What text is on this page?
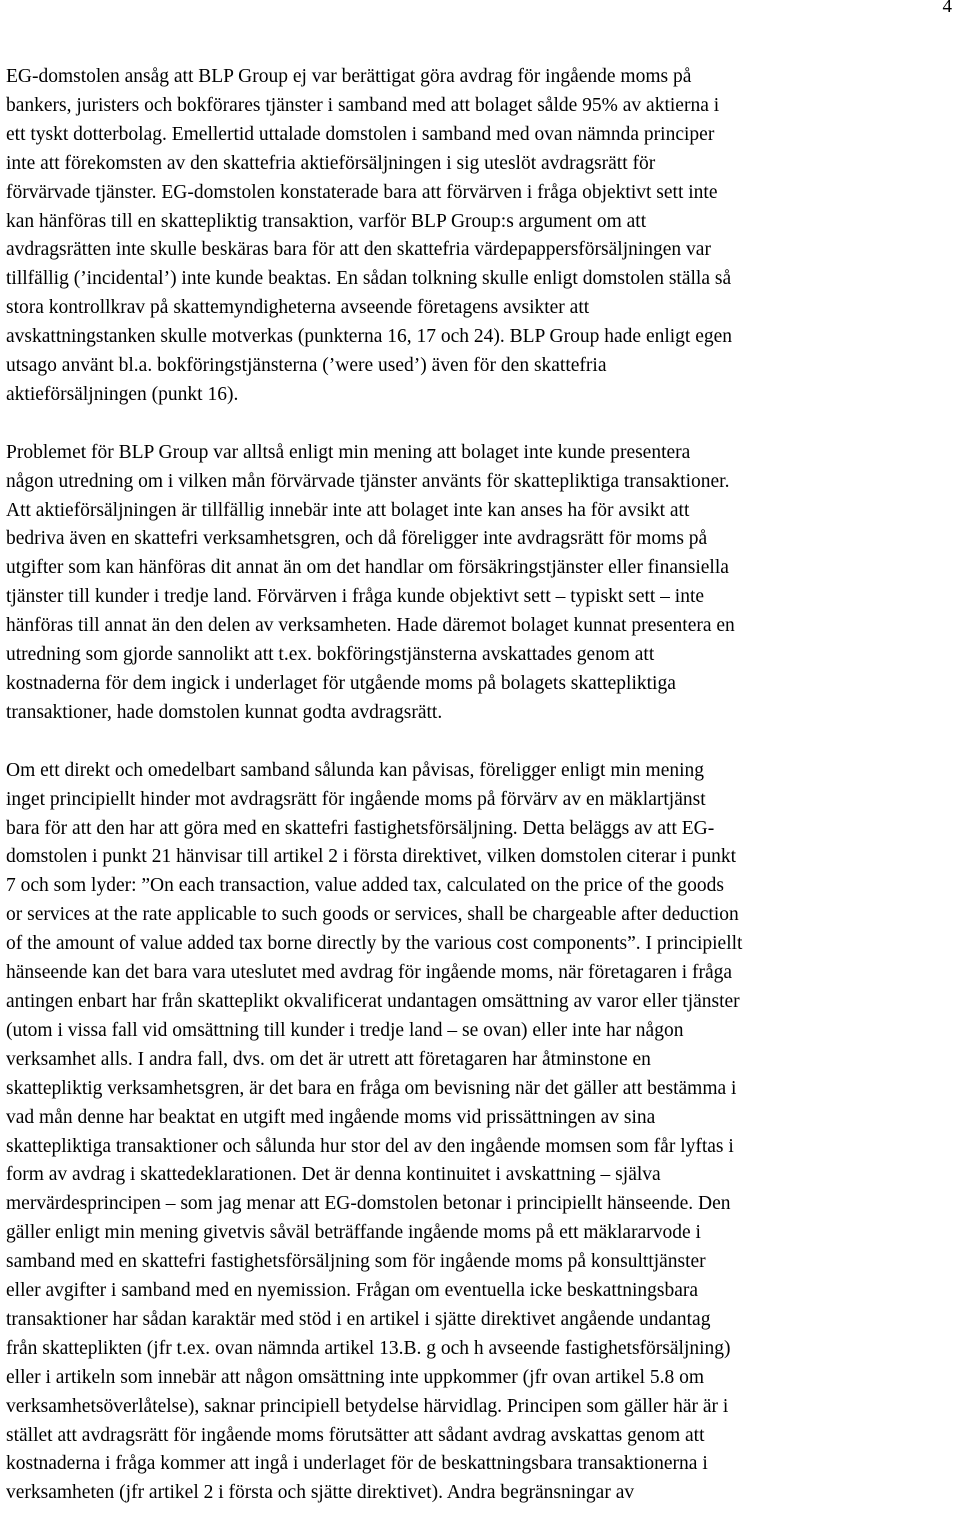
4
EG-domstolen ansåg att BLP Group ej var berättigat göra avdrag för ingående moms på
bankers, juristers och bokförares tjänster i samband med att bolaget sålde 95% av aktierna i
ett tyskt dotterbolag. Emellertid uttalade domstolen i samband med ovan nämnda principer
inte att förekomsten av den skattefria aktieförsäljningen i sig uteslöt avdragsrätt för
förvärvade tjänster. EG-domstolen konstaterade bara att förvärven i fråga objektivt sett inte
kan hänföras till en skattepliktig transaktion, varför BLP Group:s argument om att
avdragsrätten inte skulle beskäras bara för att den skattefria värdepappersförsäljningen var
tillfällig (’incidental’) inte kunde beaktas. En sådan tolkning skulle enligt domstolen ställa så
stora kontrollkrav på skattemyndigheterna avseende företagens avsikter att
avskattningstanken skulle motverkas (punkterna 16, 17 och 24). BLP Group hade enligt egen
utsago använt bl.a. bokföringstjänsterna (’were used’) även för den skattefria
aktieförsäljningen (punkt 16).
Problemet för BLP Group var alltså enligt min mening att bolaget inte kunde presentera
någon utredning om i vilken mån förvärvade tjänster använts för skattepliktiga transaktioner.
Att aktieförsäljningen är tillfällig innebär inte att bolaget inte kan anses ha för avsikt att
bedriva även en skattefri verksamhetsgren, och då föreligger inte avdragsrätt för moms på
utgifter som kan hänföras dit annat än om det handlar om försäkringstjänster eller finansiella
tjänster till kunder i tredje land. Förvärven i fråga kunde objektivt sett – typiskt sett – inte
hänföras till annat än den delen av verksamheten. Hade däremot bolaget kunnat presentera en
utredning som gjorde sannolikt att t.ex. bokföringstjänsterna avskattades genom att
kostnaderna för dem ingick i underlaget för utgående moms på bolagets skattepliktiga
transaktioner, hade domstolen kunnat godta avdragsrätt.
Om ett direkt och omedelbart samband sålunda kan påvisas, föreligger enligt min mening
inget principiellt hinder mot avdragsrätt för ingående moms på förvärv av en mäklartjänst
bara för att den har att göra med en skattefri fastighetsförsäljning. Detta beläggs av att EG-
domstolen i punkt 21 hänvisar till artikel 2 i första direktivet, vilken domstolen citerar i punkt
7 och som lyder: ”On each transaction, value added tax, calculated on the price of the goods
or services at the rate applicable to such goods or services, shall be chargeable after deduction
of the amount of value added tax borne directly by the various cost components”. I principiellt
hänseende kan det bara vara uteslutet med avdrag för ingående moms, när företagaren i fråga
antingen enbart har från skatteplikt okvalificerat undantagen omsättning av varor eller tjänster
(utom i vissa fall vid omsättning till kunder i tredje land – se ovan) eller inte har någon
verksamhet alls. I andra fall, dvs. om det är utrett att företagaren har åtminstone en
skattepliktig verksamhetsgren, är det bara en fråga om bevisning när det gäller att bestämma i
vad mån denne har beaktat en utgift med ingående moms vid prissättningen av sina
skattepliktiga transaktioner och sålunda hur stor del av den ingående momsen som får lyftas i
form av avdrag i skattedeklarationen. Det är denna kontinuitet i avskattning – själva
mervärdesprincipen – som jag menar att EG-domstolen betonar i principiellt hänseende. Den
gäller enligt min mening givetvis såväl beträffande ingående moms på ett mäklararvode i
samband med en skattefri fastighetsförsäljning som för ingående moms på konsulttjänster
eller avgifter i samband med en nyemission. Frågan om eventuella icke beskattningsbara
transaktioner har sådan karaktär med stöd i en artikel i sjätte direktivet angående undantag
från skatteplikten (jfr t.ex. ovan nämnda artikel 13.B. g och h avseende fastighetsförsäljning)
eller i artikeln som innebär att någon omsättning inte uppkommer (jfr ovan artikel 5.8 om
verksamhetsöverlåtelse), saknar principiell betydelse härvidlag. Principen som gäller här är i
stället att avdragsrätt för ingående moms förutsätter att sådant avdrag avskattas genom att
kostnaderna i fråga kommer att ingå i underlaget för de beskattningsbara transaktionerna i
verksamheten (jfr artikel 2 i första och sjätte direktivet). Andra begränsningar av
